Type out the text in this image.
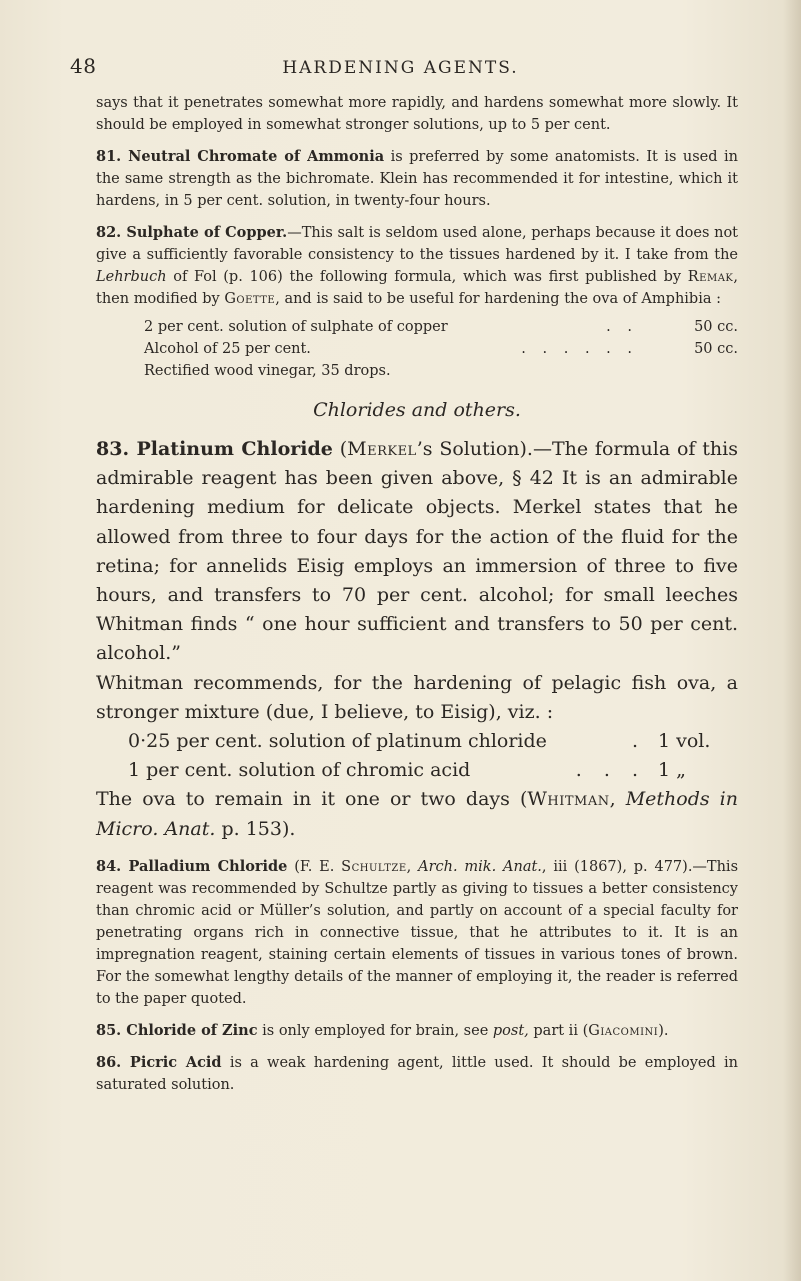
48	HARDENING AGENTS.

says that it penetrates somewhat more rapidly, and hardens somewhat more slowly. It should be employed in somewhat stronger solutions, up to 5 per cent.

81. Neutral Chromate of Ammonia is preferred by some anatomists. It is used in the same strength as the bichromate. Klein has recommended it for intestine, which it hardens, in 5 per cent. solution, in twenty-four hours.

82. Sulphate of Copper.—This salt is seldom used alone, perhaps because it does not give a sufficiently favorable consistency to the tissues hardened by it. I take from the Lehrbuch of Fol (p. 106) the following formula, which was first published by Remak, then modified by Goette, and is said to be useful for hardening the ova of Amphibia :

2 per cent. solution of sulphate of copper	. .	50 cc.
Alcohol of 25 per cent.	. . . . . .	50 cc.
Rectified wood vinegar, 35 drops.
Chlorides and others.

83. Platinum Chloride (Merkel’s Solution).—The formula of this admirable reagent has been given above, § 42 It is an admirable hardening medium for delicate objects. Merkel states that he allowed from three to four days for the action of the fluid for the retina; for annelids Eisig employs an immersion of three to five hours, and transfers to 70 per cent. alcohol; for small leeches Whitman finds “ one hour sufficient and transfers to 50 per cent. alcohol.”

Whitman recommends, for the hardening of pelagic fish ova, a stronger mixture (due, I believe, to Eisig), viz. :

0·25 per cent. solution of platinum chloride	. 1 vol.
1 per cent. solution of chromic acid	. . . 1 „

The ova to remain in it one or two days (Whitman, Methods in Micro. Anat. p. 153).

84. Palladium Chloride (F. E. Schultze, Arch. mik. Anat., iii (1867), p. 477).—This reagent was recommended by Schultze partly as giving to tissues a better consistency than chromic acid or Müller’s solution, and partly on account of a special faculty for penetrating organs rich in connective tissue, that he attributes to it. It is an impregnation reagent, staining certain elements of tissues in various tones of brown. For the somewhat lengthy details of the manner of employing it, the reader is referred to the paper quoted.

85. Chloride of Zinc is only employed for brain, see post, part ii (Giacomini).

86. Picric Acid is a weak hardening agent, little used. It should be employed in saturated solution.
